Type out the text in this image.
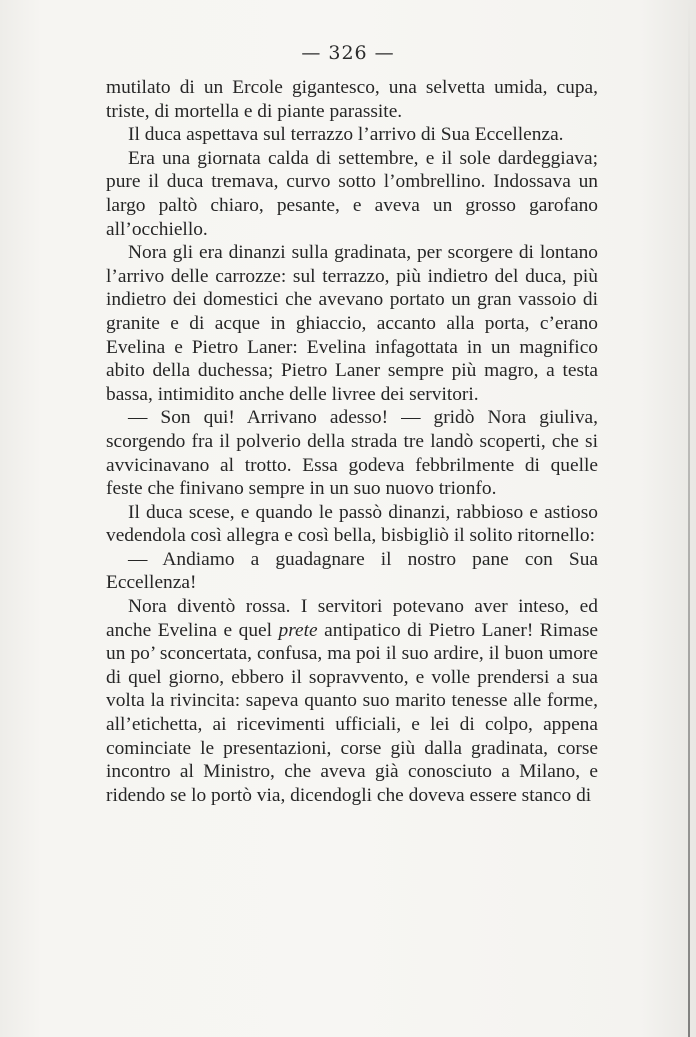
— 326 —

mutilato di un Ercole gigantesco, una selvetta umida, cupa, triste, di mortella e di piante parassite.

Il duca aspettava sul terrazzo l’arrivo di Sua Eccellenza.

Era una giornata calda di settembre, e il sole dardeggiava; pure il duca tremava, curvo sotto l’ombrellino. Indossava un largo paltò chiaro, pesante, e aveva un grosso garofano all’occhiello.

Nora gli era dinanzi sulla gradinata, per scorgere di lontano l’arrivo delle carrozze: sul terrazzo, più indietro del duca, più indietro dei domestici che avevano portato un gran vassoio di granite e di acque in ghiaccio, accanto alla porta, c’erano Evelina e Pietro Laner: Evelina infagottata in un magnifico abito della duchessa; Pietro Laner sempre più magro, a testa bassa, intimidito anche delle livree dei servitori.

— Son qui! Arrivano adesso! — gridò Nora giuliva, scorgendo fra il polverio della strada tre landò scoperti, che si avvicinavano al trotto. Essa godeva febbrilmente di quelle feste che finivano sempre in un suo nuovo trionfo.

Il duca scese, e quando le passò dinanzi, rabbioso e astioso vedendola così allegra e così bella, bisbigliò il solito ritornello:

— Andiamo a guadagnare il nostro pane con Sua Eccellenza!

Nora diventò rossa. I servitori potevano aver inteso, ed anche Evelina e quel prete antipatico di Pietro Laner! Rimase un po’ sconcertata, confusa, ma poi il suo ardire, il buon umore di quel giorno, ebbero il sopravvento, e volle prendersi a sua volta la rivincita: sapeva quanto suo marito tenesse alle forme, all’etichetta, ai ricevimenti ufficiali, e lei di colpo, appena cominciate le presentazioni, corse giù dalla gradinata, corse incontro al Ministro, che aveva già conosciuto a Milano, e ridendo se lo portò via, dicendogli che doveva essere stanco di
